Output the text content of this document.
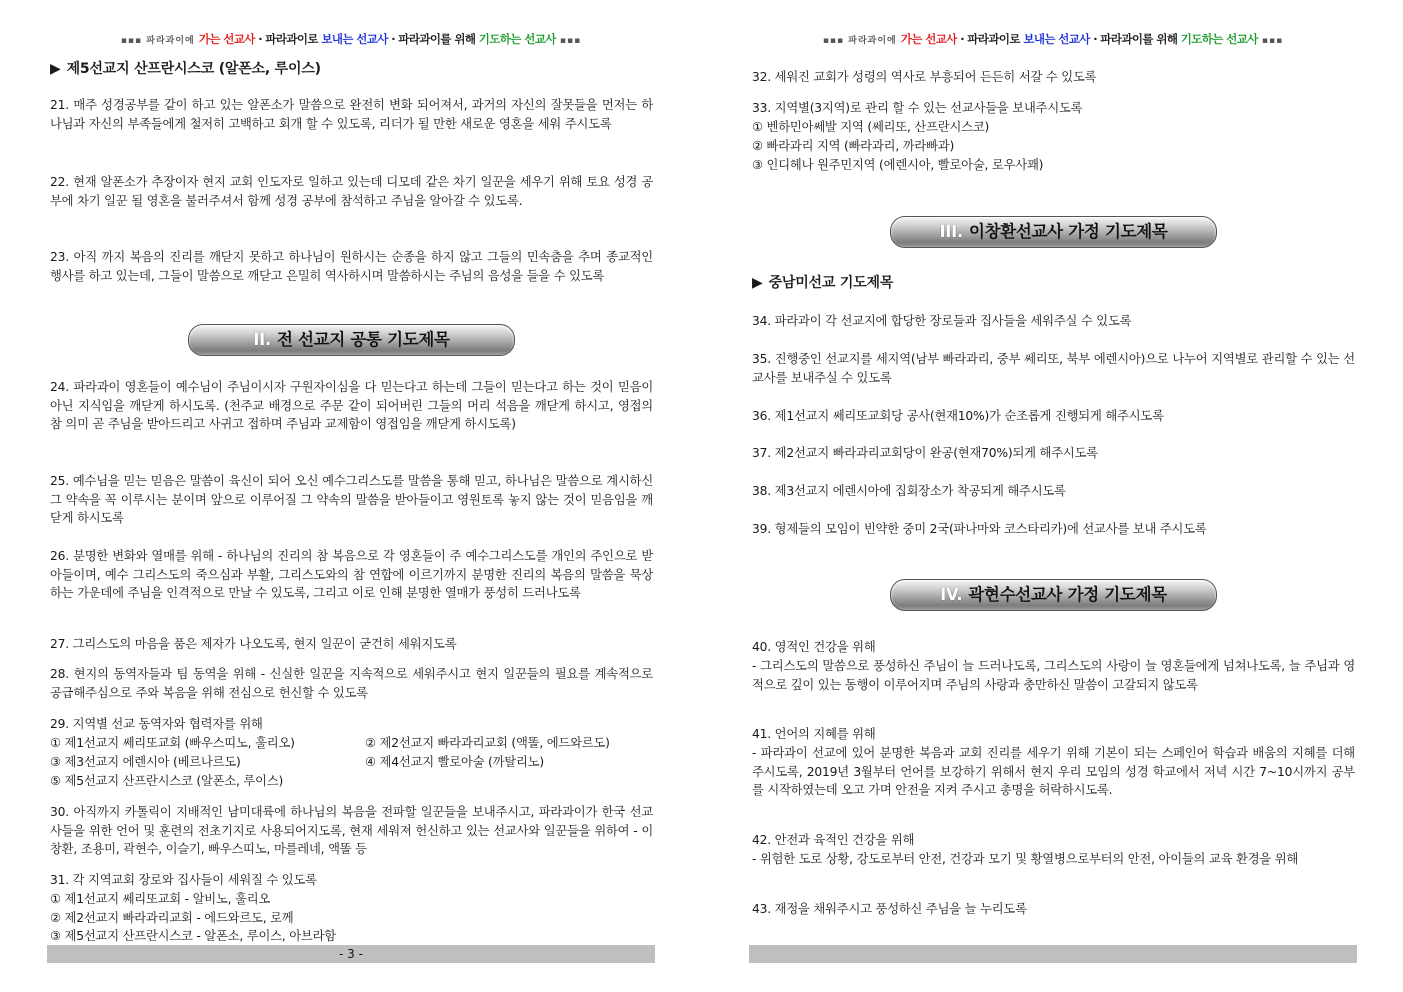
▪▪▪ 파라과이에 가는 선교사 · 파라과이로 보내는 선교사 · 파라과이를 위해 기도하는 선교사 ▪▪▪
▶ 제5선교지 산프란시스코 (알폰소, 루이스)

21. 매주 성경공부를 같이 하고 있는 알폰소가 말씀으로 완전히 변화 되어져서, 과거의 자신의 잘못들을 먼저는 하나님과 자신의 부족들에게 철저히 고백하고 회개 할 수 있도록, 리더가 될 만한 새로운 영혼을 세워 주시도록

22. 현재 알폰소가 추장이자 현지 교회 인도자로 일하고 있는데 디모데 같은 차기 일꾼을 세우기 위해 토요 성경 공부에 차기 일꾼 될 영혼을 불러주셔서 함께 성경 공부에 참석하고 주님을 알아갈 수 있도록.

23. 아직 까지 복음의 진리를 깨닫지 못하고 하나님이 원하시는 순종을 하지 않고 그들의 민속춤을 추며 종교적인 행사를 하고 있는데, 그들이 말씀으로 깨닫고 은밀히 역사하시며 말씀하시는 주님의 음성을 들을 수 있도록

II. 전 선교지 공통 기도제목

24. 파라과이 영혼들이 예수님이 주님이시자 구원자이심을 다 믿는다고 하는데 그들이 믿는다고 하는 것이 믿음이 아닌 지식임을 깨닫게 하시도록. (천주교 배경으로 주문 같이 되어버린 그들의 머리 석음을 깨닫게 하시고, 영접의 참 의미 곧 주님을 받아드리고 사귀고 접하며 주님과 교제함이 영접임을 깨닫게 하시도록)

25. 예수님을 믿는 믿음은 말씀이 육신이 되어 오신 예수그리스도를 말씀을 통해 믿고, 하나님은 말씀으로 계시하신 그 약속을 꼭 이루시는 분이며 앞으로 이루어질 그 약속의 말씀을 받아들이고 영원토록 놓지 않는 것이 믿음임을 깨닫게 하시도록

26. 분명한 변화와 열매를 위해 - 하나님의 진리의 참 복음으로 각 영혼들이 주 예수그리스도를 개인의 주인으로 받아들이며, 예수 그리스도의 죽으심과 부활, 그리스도와의 참 연합에 이르기까지 분명한 진리의 복음의 말씀을 묵상하는 가운데에 주님을 인격적으로 만날 수 있도록, 그리고 이로 인해 분명한 열매가 풍성히 드러나도록

27. 그리스도의 마음을 품은 제자가 나오도록, 현지 일꾼이 굳건히 세워지도록

28. 현지의 동역자들과 팀 동역을 위해 - 신실한 일꾼을 지속적으로 세워주시고 현지 일꾼들의 필요를 계속적으로 공급해주심으로 주와 복음을 위해 전심으로 헌신할 수 있도록

29. 지역별 선교 동역자와 협력자를 위해
① 제1선교지 쎄리또교회 (빠우스띠노, 훌리오)	② 제2선교지 빠라과리교회 (액똘, 에드와르도)
③ 제3선교지 에렌시아 (베르나르도)	④ 제4선교지 빨로아술 (까탈리노)
⑤ 제5선교지 산프란시스코 (알폰소, 루이스)

30. 아직까지 카톨릭이 지배적인 남미대륙에 하나님의 복음을 전파할 일꾼들을 보내주시고, 파라과이가 한국 선교사들을 위한 언어 및 훈련의 전초기지로 사용되어지도록, 현재 세워져 헌신하고 있는 선교사와 일꾼들을 위하여 - 이창환, 조용미, 곽현수, 이슬기, 빠우스띠노, 마를레네, 액똘 등

31. 각 지역교회 장로와 집사들이 세워질 수 있도록
① 제1선교지 쎄리또교회 - 알비노, 훌리오
② 제2선교지 빠라과리교회 - 에드와르도, 로께
③ 제5선교지 산프란시스코 - 알폰소, 루이스, 아브라함
- 3 -
▪▪▪ 파라과이에 가는 선교사 · 파라과이로 보내는 선교사 · 파라과이를 위해 기도하는 선교사 ▪▪▪
32. 세워진 교회가 성령의 역사로 부흥되어 든든히 서갈 수 있도록
33. 지역별(3지역)로 관리 할 수 있는 선교사들을 보내주시도록
① 벤하민아쎄발 지역 (쎄리또, 산프란시스코)
② 빠라과리 지역 (빠라과리, 까라빠과)
③ 인디헤나 원주민지역 (에렌시아, 빨로아술, 로우사꽤)
III. 이창환선교사 가정 기도제목
▶ 중남미선교 기도제목
34. 파라과이 각 선교지에 합당한 장로들과 집사들을 세워주실 수 있도록

35. 진행중인 선교지를 세지역(남부 빠라과리, 중부 쎄리또, 북부 에렌시아)으로 나누어 지역별로 관리할 수 있는 선교사를 보내주실 수 있도록

36. 제1선교지 쎄리또교회당 공사(현재10%)가 순조롭게 진행되게 해주시도록
37. 제2선교지 빠라과리교회당이 완공(현재70%)되게 해주시도록
38. 제3선교지 에렌시아에 집회장소가 착공되게 해주시도록
39. 형제들의 모임이 빈약한 중미 2국(파나마와 코스타리카)에 선교사를 보내 주시도록
IV. 곽현수선교사 가정 기도제목
40. 영적인 건강을 위해

- 그리스도의 말씀으로 풍성하신 주님이 늘 드러나도록, 그리스도의 사랑이 늘 영혼들에게 넘쳐나도록, 늘 주님과 영적으로 깊이 있는 동행이 이루어지며 주님의 사랑과 충만하신 말씀이 고갈되지 않도록

41. 언어의 지혜를 위해

- 파라과이 선교에 있어 분명한 복음과 교회 진리를 세우기 위해 기본이 되는 스페인어 학습과 배움의 지혜를 더해 주시도록, 2019년 3월부터 언어를 보강하기 위해서 현지 우리 모임의 성경 학교에서 저녁 시간 7~10시까지 공부를 시작하였는데 오고 가며 안전을 지켜 주시고 총명을 허락하시도록.

42. 안전과 육적인 건강을 위해

- 위험한 도로 상황, 강도로부터 안전, 건강과 모기 및 황열병으로부터의 안전, 아이들의 교육 환경을 위해

43. 재정을 채워주시고 풍성하신 주님을 늘 누리도록
